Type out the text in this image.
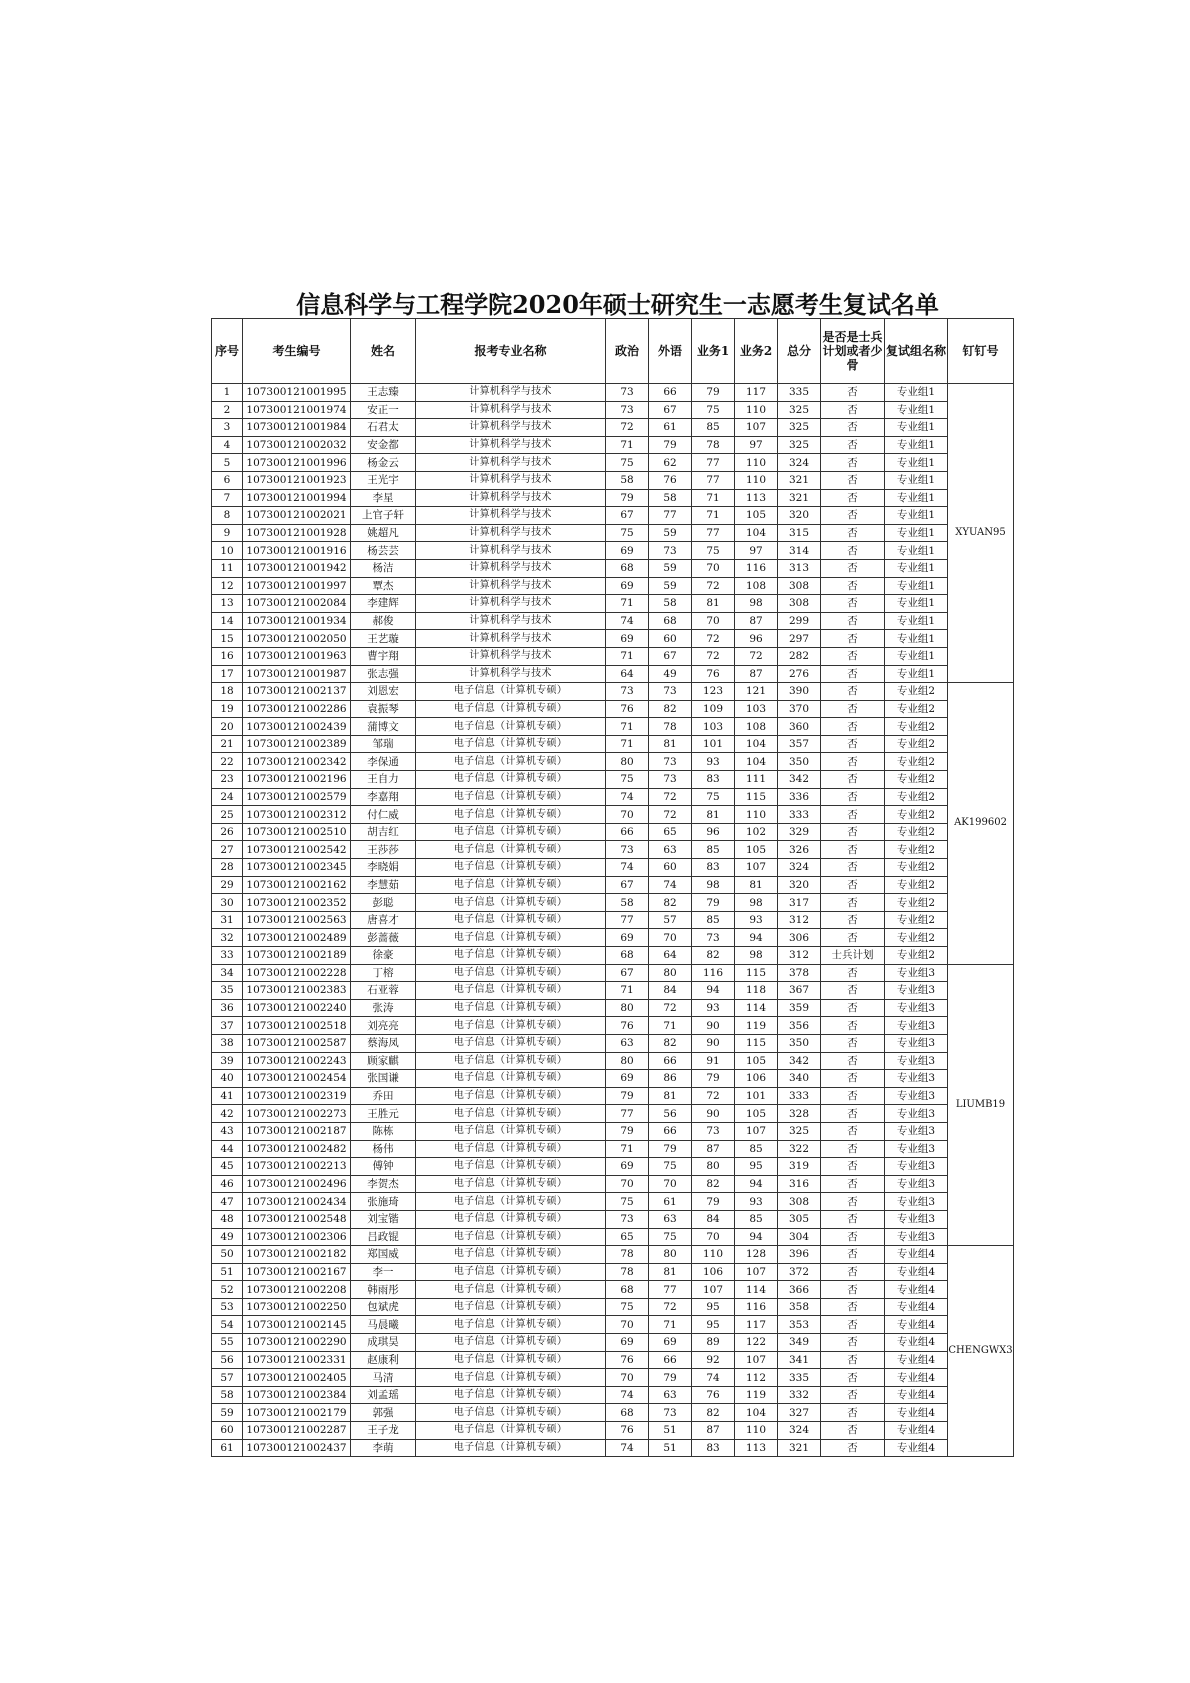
信息科学与工程学院2020年硕士研究生一志愿考生复试名单
序号	考生编号	姓名	报考专业名称	政治	外语	业务1	业务2	总分	是否是士兵计划或者少骨	复试组名称	钉钉号
1	107300121001995	王志臻	计算机科学与技术	73	66	79	117	335	否	专业组1	XYUAN95
2	107300121001974	安正一	计算机科学与技术	73	67	75	110	325	否	专业组1	
3	107300121001984	石君太	计算机科学与技术	72	61	85	107	325	否	专业组1	
4	107300121002032	安金都	计算机科学与技术	71	79	78	97	325	否	专业组1	
5	107300121001996	杨金云	计算机科学与技术	75	62	77	110	324	否	专业组1	
6	107300121001923	王光宇	计算机科学与技术	58	76	77	110	321	否	专业组1	
7	107300121001994	李星	计算机科学与技术	79	58	71	113	321	否	专业组1	
8	107300121002021	上官子轩	计算机科学与技术	67	77	71	105	320	否	专业组1	
9	107300121001928	姚超凡	计算机科学与技术	75	59	77	104	315	否	专业组1	
10	107300121001916	杨芸芸	计算机科学与技术	69	73	75	97	314	否	专业组1	
11	107300121001942	杨洁	计算机科学与技术	68	59	70	116	313	否	专业组1	
12	107300121001997	覃杰	计算机科学与技术	69	59	72	108	308	否	专业组1	
13	107300121002084	李建辉	计算机科学与技术	71	58	81	98	308	否	专业组1	
14	107300121001934	郝俊	计算机科学与技术	74	68	70	87	299	否	专业组1	
15	107300121002050	王艺璇	计算机科学与技术	69	60	72	96	297	否	专业组1	
16	107300121001963	曹宇翔	计算机科学与技术	71	67	72	72	282	否	专业组1	
17	107300121001987	张志强	计算机科学与技术	64	49	76	87	276	否	专业组1	
18	107300121002137	刘恩宏	电子信息（计算机专硕）	73	73	123	121	390	否	专业组2	AK199602
19	107300121002286	袁振琴	电子信息（计算机专硕）	76	82	109	103	370	否	专业组2	
20	107300121002439	蒲博文	电子信息（计算机专硕）	71	78	103	108	360	否	专业组2	
21	107300121002389	邹瑞	电子信息（计算机专硕）	71	81	101	104	357	否	专业组2	
22	107300121002342	李保通	电子信息（计算机专硕）	80	73	93	104	350	否	专业组2	
23	107300121002196	王自力	电子信息（计算机专硕）	75	73	83	111	342	否	专业组2	
24	107300121002579	李嘉翔	电子信息（计算机专硕）	74	72	75	115	336	否	专业组2	
25	107300121002312	付仁威	电子信息（计算机专硕）	70	72	81	110	333	否	专业组2	
26	107300121002510	胡吉红	电子信息（计算机专硕）	66	65	96	102	329	否	专业组2	
27	107300121002542	王莎莎	电子信息（计算机专硕）	73	63	85	105	326	否	专业组2	
28	107300121002345	李晓娟	电子信息（计算机专硕）	74	60	83	107	324	否	专业组2	
29	107300121002162	李慧茹	电子信息（计算机专硕）	67	74	98	81	320	否	专业组2	
30	107300121002352	彭聪	电子信息（计算机专硕）	58	82	79	98	317	否	专业组2	
31	107300121002563	唐喜才	电子信息（计算机专硕）	77	57	85	93	312	否	专业组2	
32	107300121002489	彭蔷薇	电子信息（计算机专硕）	69	70	73	94	306	否	专业组2	
33	107300121002189	徐豪	电子信息（计算机专硕）	68	64	82	98	312	士兵计划	专业组2	
34	107300121002228	丁榕	电子信息（计算机专硕）	67	80	116	115	378	否	专业组3	LIUMB19
35	107300121002383	石亚蓉	电子信息（计算机专硕）	71	84	94	118	367	否	专业组3	
36	107300121002240	张涛	电子信息（计算机专硕）	80	72	93	114	359	否	专业组3	
37	107300121002518	刘亮亮	电子信息（计算机专硕）	76	71	90	119	356	否	专业组3	
38	107300121002587	蔡海凤	电子信息（计算机专硕）	63	82	90	115	350	否	专业组3	
39	107300121002243	顾家麒	电子信息（计算机专硕）	80	66	91	105	342	否	专业组3	
40	107300121002454	张国谦	电子信息（计算机专硕）	69	86	79	106	340	否	专业组3	
41	107300121002319	乔田	电子信息（计算机专硕）	79	81	72	101	333	否	专业组3	
42	107300121002273	王胜元	电子信息（计算机专硕）	77	56	90	105	328	否	专业组3	
43	107300121002187	陈栋	电子信息（计算机专硕）	79	66	73	107	325	否	专业组3	
44	107300121002482	杨伟	电子信息（计算机专硕）	71	79	87	85	322	否	专业组3	
45	107300121002213	傅钟	电子信息（计算机专硕）	69	75	80	95	319	否	专业组3	
46	107300121002496	李贺杰	电子信息（计算机专硕）	70	70	82	94	316	否	专业组3	
47	107300121002434	张施琦	电子信息（计算机专硕）	75	61	79	93	308	否	专业组3	
48	107300121002548	刘宝锴	电子信息（计算机专硕）	73	63	84	85	305	否	专业组3	
49	107300121002306	吕政锟	电子信息（计算机专硕）	65	75	70	94	304	否	专业组3	
50	107300121002182	郑国威	电子信息（计算机专硕）	78	80	110	128	396	否	专业组4	CHENGWX3
51	107300121002167	李一	电子信息（计算机专硕）	78	81	106	107	372	否	专业组4	
52	107300121002208	韩雨彤	电子信息（计算机专硕）	68	77	107	114	366	否	专业组4	
53	107300121002250	包斌虎	电子信息（计算机专硕）	75	72	95	116	358	否	专业组4	
54	107300121002145	马晨曦	电子信息（计算机专硕）	70	71	95	117	353	否	专业组4	
55	107300121002290	成琪昊	电子信息（计算机专硕）	69	69	89	122	349	否	专业组4	
56	107300121002331	赵康利	电子信息（计算机专硕）	76	66	92	107	341	否	专业组4	
57	107300121002405	马清	电子信息（计算机专硕）	70	79	74	112	335	否	专业组4	
58	107300121002384	刘孟瑶	电子信息（计算机专硕）	74	63	76	119	332	否	专业组4	
59	107300121002179	郭强	电子信息（计算机专硕）	68	73	82	104	327	否	专业组4	
60	107300121002287	王子龙	电子信息（计算机专硕）	76	51	87	110	324	否	专业组4	
61	107300121002437	李萌	电子信息（计算机专硕）	74	51	83	113	321	否	专业组4	
